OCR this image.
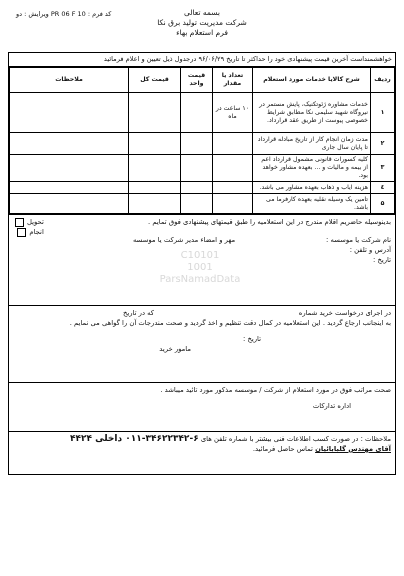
کد فرم : PR 06 F 10 ویرایش : دو	بسمه تعالی
شرکت مدیریت تولید برق نکا
فرم استعلام بهاء
خواهشمنداست آخرین قیمت پیشنهادی خود را حداکثر تا تاریخ ۹۶/۰۶/۲۹ درجدول ذیل تعیین و اعلام فرمائید
ردیف	شرح کالایا خدمات مورد استعلام	تعداد یا مقدار	قیمت واحد	قیمت کل	ملاحظات
۱	خدمات مشاوره ژئوتکنیک، پایش مستمر در نیروگاه شهید سلیمی نکا مطابق شرایط خصوصی پیوست از طریق عقد قرارداد.	۱۰ ساعت در ماه			
۲	مدت زمان انجام کار از تاریخ مبادله قرارداد تا پایان سال جاری				
۳	کلیه کسورات قانونی مشمول قرارداد اعم از بیمه و مالیات و ... بعهده مشاور خواهد بود.				
٤	هزینه ایاب و ذهاب بعهده مشاور می باشد.				
۵	تامین یک وسیله نقلیه بعهده کارفرما می باشد.				
تحویل
انجام
بدینوسیله حاضریم اقلام مندرج در این استعلامیه را طبق قیمتهای پیشنهادی فوق تمایم .
نام شرکت یا موسسه :
مهر و امضاء مدیر شرکت یا موسسه
آدرس و تلفن :
تاریخ :
در اجرای درخواست خرید شماره
که در تاریخ
به اینجانب ارجاع گردید . این استعلامیه در کمال دقت تنظیم و اخذ گردید و صحت مندرجات آن را گواهی می نمایم .
تاریخ :
مامور خرید
صحت مراتب فوق در مورد استعلام از شرکت / موسسه مذکور مورد تائید میباشد .
اداره تدارکات
ملاحظات : در صورت کسب اطلاعات فنی بیشتر با شماره تلفن های ۶-۳۴۶۲۲۳۴۲-۰۱۱ داخلی ۴۴۲۴
آقای مهندس گلبابائیان تماس حاصل فرمائید.
C10101
1001
ParsNamadData
